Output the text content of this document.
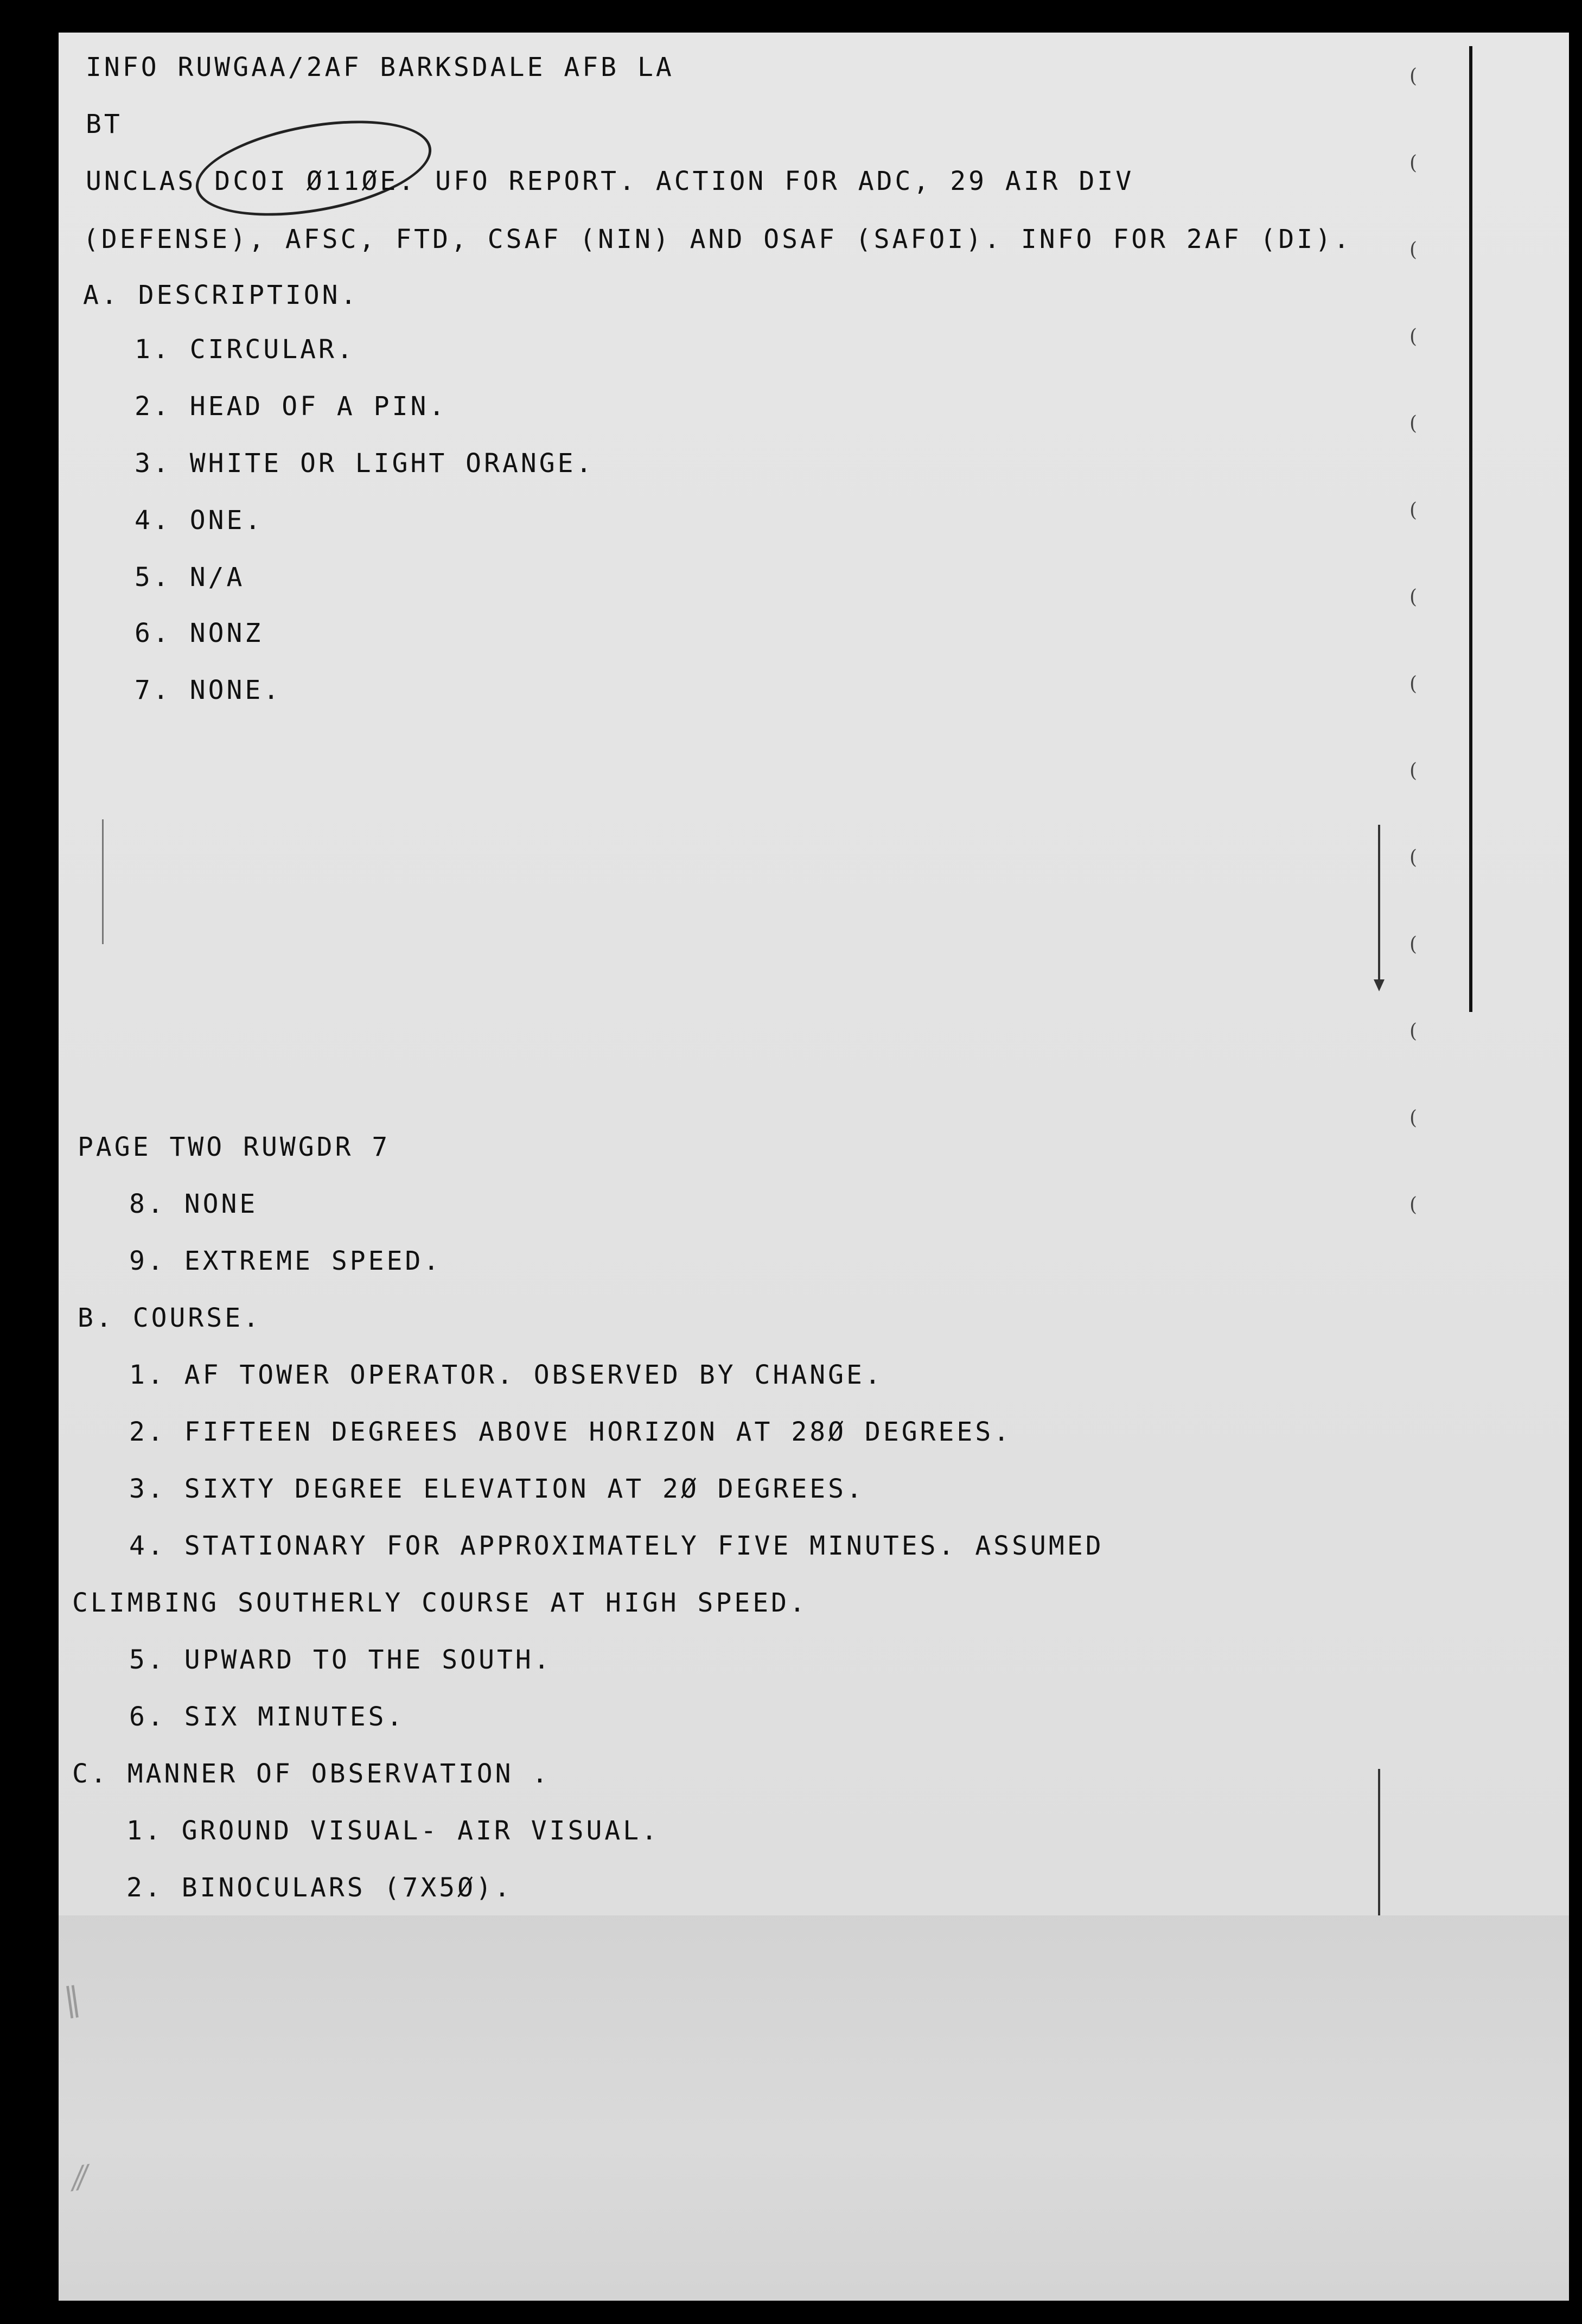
‖
⁄⁄
INFO RUWGAA/2AF BARKSDALE AFB LA
BT
UNCLAS DCOI Ø11ØE. UFO REPORT. ACTION FOR ADC, 29 AIR DIV
(DEFENSE), AFSC, FTD, CSAF (NIN) AND OSAF (SAFOI). INFO FOR 2AF (DI).
A. DESCRIPTION.
1. CIRCULAR.
2. HEAD OF A PIN.
3. WHITE OR LIGHT ORANGE.
4. ONE.
5. N/A
6. NONZ
7. NONE.
PAGE TWO RUWGDR 7
8. NONE
9. EXTREME SPEED.
B. COURSE.
1. AF TOWER OPERATOR. OBSERVED BY CHANGE.
2. FIFTEEN DEGREES ABOVE HORIZON AT 28Ø DEGREES.
3. SIXTY DEGREE ELEVATION AT 2Ø DEGREES.
4. STATIONARY FOR APPROXIMATELY FIVE MINUTES. ASSUMED
CLIMBING SOUTHERLY COURSE AT HIGH SPEED.
5. UPWARD TO THE SOUTH.
6. SIX MINUTES.
C. MANNER OF OBSERVATION .
1. GROUND VISUAL- AIR VISUAL.
2. BINOCULARS (7X5Ø).
(
(
(
(
(
(
(
(
(
(
(
(
(
(
